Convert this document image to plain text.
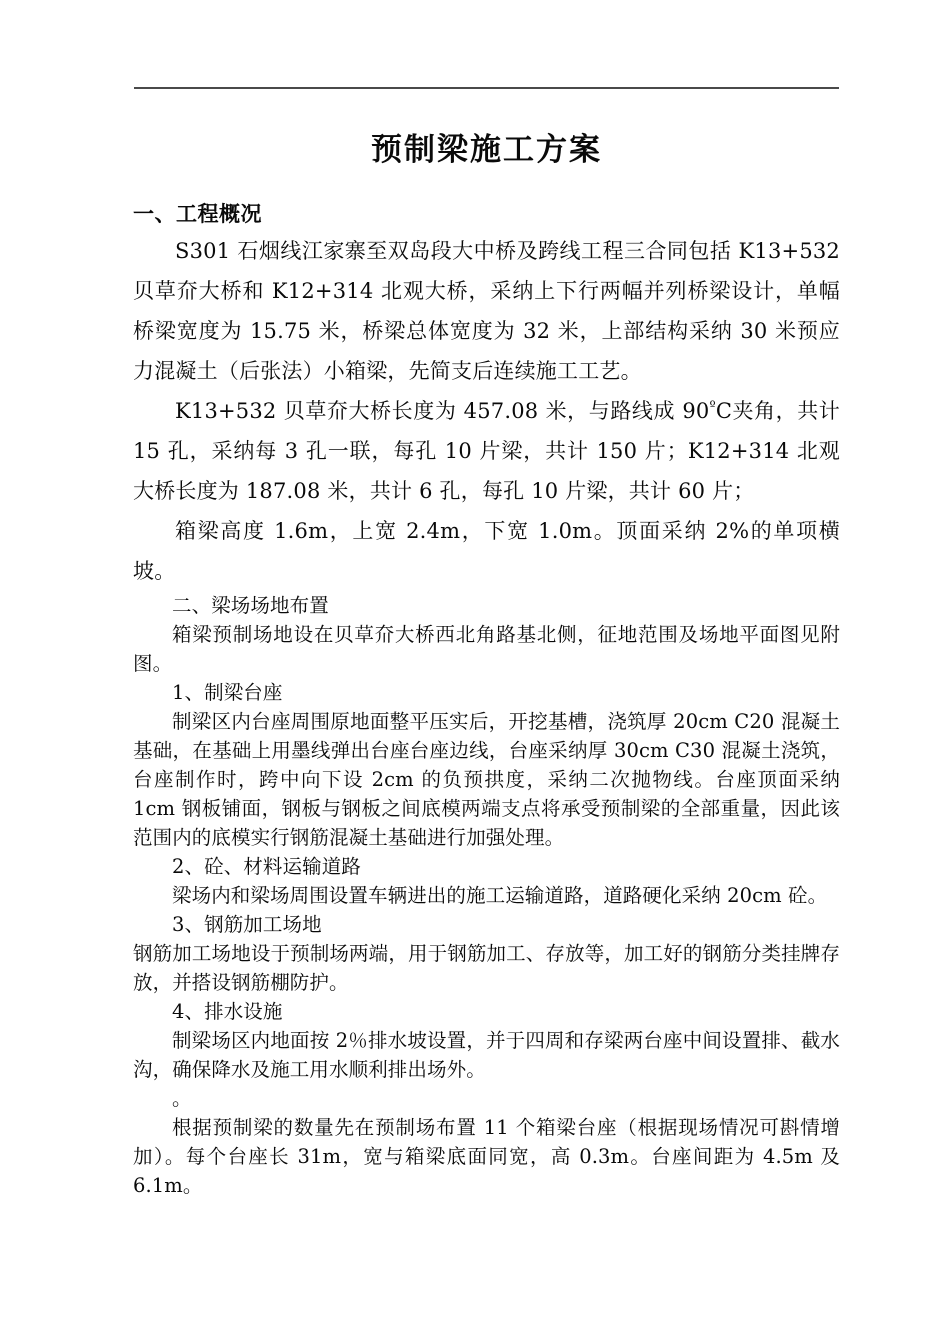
预制梁施工方案
一、工程概况

S301 石烟线江家寨至双岛段大中桥及跨线工程三合同包括 K13+532 贝草夼大桥和 K12+314 北观大桥，采纳上下行两幅并列桥梁设计，单幅桥梁宽度为 15.75 米，桥梁总体宽度为 32 米，上部结构采纳 30 米预应力混凝土（后张法）小箱梁，先简支后连续施工工艺。

K13+532 贝草夼大桥长度为 457.08 米，与路线成 $90^ºC$夹角，共计 15 孔，采纳每 3 孔一联，每孔 10 片梁，共计 150 片；K12+314 北观大桥长度为 187.08 米，共计 6 孔，每孔 10 片梁，共计 60 片；

箱梁高度 1.6m，上宽 2.4m，下宽 1.0m。顶面采纳 2%的单项横坡。

二、梁场场地布置

箱梁预制场地设在贝草夼大桥西北角路基北侧，征地范围及场地平面图见附图。

1、制梁台座

制梁区内台座周围原地面整平压实后，开挖基槽，浇筑厚 20cm C20 混凝土基础，在基础上用墨线弹出台座台座边线，台座采纳厚 30cm C30 混凝土浇筑，台座制作时，跨中向下设 2cm 的负预拱度，采纳二次抛物线。台座顶面采纳 1cm 钢板铺面，钢板与钢板之间底模两端支点将承受预制梁的全部重量，因此该范围内的底模实行钢筋混凝土基础进行加强处理。

2、砼、材料运输道路

梁场内和梁场周围设置车辆进出的施工运输道路，道路硬化采纳 20cm 砼。

3、钢筋加工场地

钢筋加工场地设于预制场两端，用于钢筋加工、存放等，加工好的钢筋分类挂牌存放，并搭设钢筋棚防护。

4、排水设施

制梁场区内地面按 2％排水坡设置，并于四周和存梁两台座中间设置排、截水沟，确保降水及施工用水顺利排出场外。

。

根据预制梁的数量先在预制场布置 11 个箱梁台座（根据现场情况可斟情增加）。每个台座长 31m，宽与箱梁底面同宽，高 0.3m。台座间距为 4.5m 及 6.1m。
